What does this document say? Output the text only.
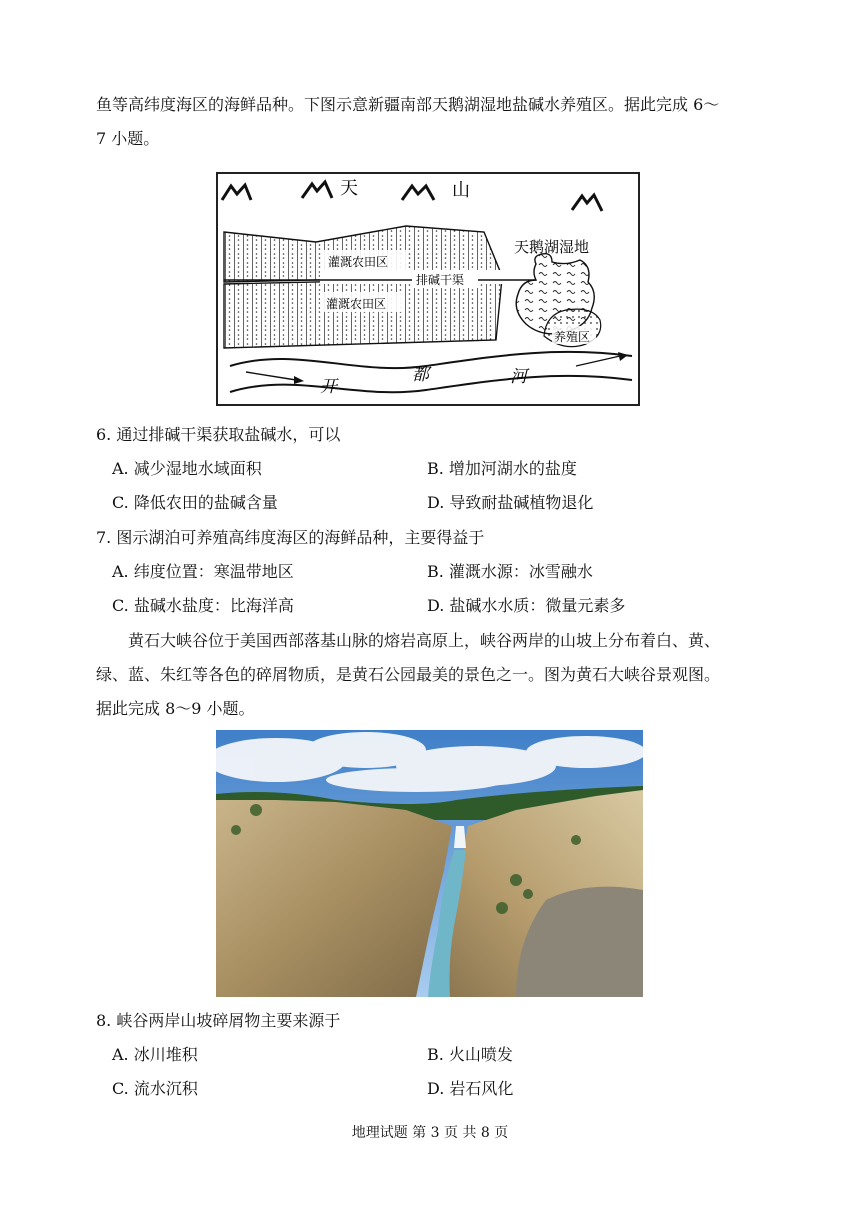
鱼等高纬度海区的海鲜品种。下图示意新疆南部天鹅湖湿地盐碱水养殖区。据此完成 6～
7 小题。
天	山
灌溉农田区
排碱干渠
灌溉农田区
天鹅湖湿地
养殖区
开
都	河
6. 通过排碱干渠获取盐碱水，可以
A. 减少湿地水域面积	B. 增加河湖水的盐度
C. 降低农田的盐碱含量	D. 导致耐盐碱植物退化
7. 图示湖泊可养殖高纬度海区的海鲜品种，主要得益于
A. 纬度位置：寒温带地区	B. 灌溉水源：冰雪融水
C. 盐碱水盐度：比海洋高	D. 盐碱水水质：微量元素多
黄石大峡谷位于美国西部落基山脉的熔岩高原上，峡谷两岸的山坡上分布着白、黄、
绿、蓝、朱红等各色的碎屑物质，是黄石公园最美的景色之一。图为黄石大峡谷景观图。
据此完成 8～9 小题。
8. 峡谷两岸山坡碎屑物主要来源于
A. 冰川堆积	B. 火山喷发
C. 流水沉积	D. 岩石风化
地理试题 第 3 页 共 8 页
